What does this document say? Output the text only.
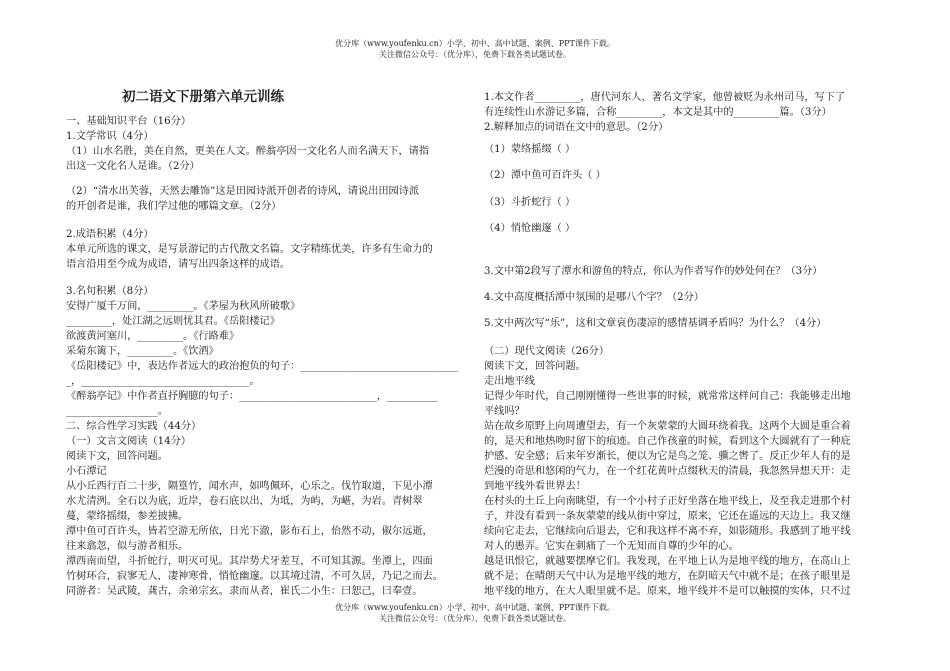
优分库（www.youfenku.cn）小学、初中、高中试题、案例、PPT课件下载。
关注微信公众号：（优分库），免费下载各类试题试卷。
初二语文下册第六单元训练
一、基础知识平台（16分）
1.文学常识（4分）
（1）山水名胜，美在自然，更美在人文。醉翁亭因一文化名人而名满天下，请指
出这一文化名人是谁。（2分）
（2）“清水出芙蓉，天然去雕饰”这是田园诗派开创者的诗风，请说出田园诗派
的开创者是谁，我们学过他的哪篇文章。（2分）
2.成语积累（4分）
本单元所选的课文，是写景游记的古代散文名篇。文字精练优美，许多有生命力的
语言沿用至今成为成语，请写出四条这样的成语。
3.名句积累（8分）
安得广厦千万间，_________。《茅屋为秋风所破歌》
_________，处江湖之远则忧其君。《岳阳楼记》
欲渡黄河塞川，_________。《行路难》
采菊东篱下，_________。《饮酒》
《岳阳楼记》中，表达作者远大的政治抱负的句子：_______________________________
_，_________________________________。
《醉翁亭记》中作者直抒胸臆的句子：___________________________，__________
__________________。
二、综合性学习实践（44分）
（一）文言文阅读（14分）
阅读下文，回答问题。
小石潭记
从小丘西行百二十步，隔篁竹，闻水声，如鸣佩环，心乐之。伐竹取道，下见小潭
水尤清洌。全石以为底，近岸，卷石底以出，为坻，为屿，为嵁，为岩。青树翠
蔓，蒙络摇缀，参差披拂。
潭中鱼可百许头，皆若空游无所依，日光下澈，影布石上，佁然不动，俶尔远逝，
往来翕忽，似与游者相乐。
潭西南而望，斗折蛇行，明灭可见。其岸势犬牙差互，不可知其源。坐潭上，四面
竹树环合，寂寥无人，凄神寒骨，悄怆幽邃。以其境过清，不可久居，乃记之而去。
同游者：吴武陵，龚古，余弟宗玄。隶而从者，崔氏二小生：曰恕己，曰奉壹。
1.本文作者_________，唐代河东人，著名文学家，他曾被贬为永州司马，写下了
有连续性山水游记多篇，合称_________，本文是其中的_________篇。（3分）
2.解释加点的词语在文中的意思。（2分）
（1）蒙络摇缀（ ）
（2）潭中鱼可百许头（ ）
（3）斗折蛇行（ ）
（4）悄怆幽邃（ ）
3.文中第2段写了潭水和游鱼的特点，你认为作者写作的妙处何在？（3分）
4.文中高度概括潭中氛围的是哪八个字？（2分）
5.文中两次写“乐”，这和文章哀伤凄凉的感情基调矛盾吗？为什么？（4分）
（二）现代文阅读（26分）
阅读下文，回答问题。
走出地平线
记得少年时代，自己刚刚懂得一些世事的时候，就常常这样问自己：我能够走出地
平线吗？
站在故乡原野上向周遭望去，有一个灰蒙蒙的大圆环绕着我。这两个大圆是重合着
的，是天和地热吻时留下的痕迹。自己作孩童的时候，看到这个大圆就有了一种庇
护感、安全感；后来年岁渐长，便以为它是鸟之笼、骥之辔了。反正少年人有的是
烂漫的奇思和悠闲的气力，在一个红花黄叶点缀秋天的清晨，我忽然异想天开：走
到地平线外看世界去！
在村头的土丘上向南眺望，有一个小村子正好坐落在地平线上，及至我走进那个村
子，并没有看到一条灰蒙蒙的线从街中穿过，原来，它还在遥远的天边上。我又继
续向它走去，它继续向后退去，它和我这样不离不弃，如影随形。我感到了地平线
对人的愚弄。它实在刺痛了一个无知而自尊的少年的心。
越是讯恨它，就越要摆摩它们。我发现，在平地上认为是地平线的地方，在高山上
就不是；在晴朗天气中认为是地平线的地方，在阴暗天气中就不是；在孩子眼里是
地平线的地方，在大人眼里就不是。原来，地平线并不是可以触摸的实体，只不过
优分库（www.youfenku.cn）小学、初中、高中试题、案例、PPT课件下载。
关注微信公众号：（优分库），免费下载各类试题试卷。
